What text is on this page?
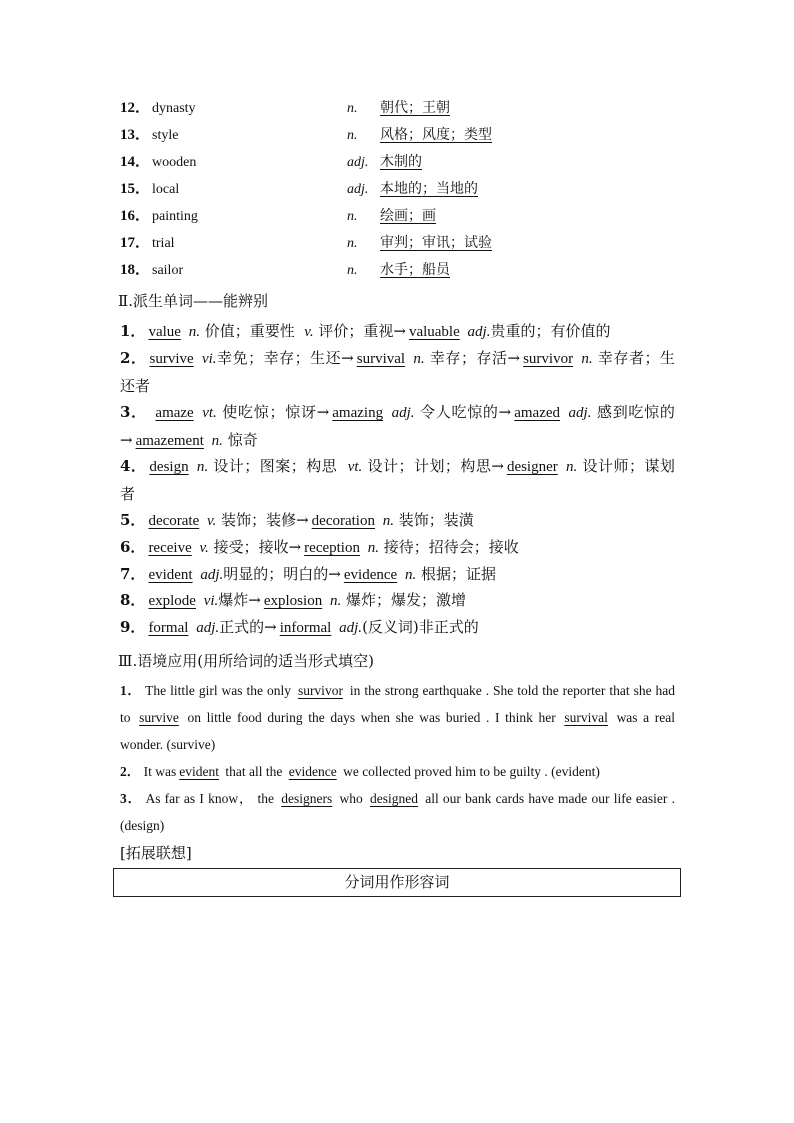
12． dynasty	n. 朝代；王朝
13． style	n. 风格；风度；类型
14． wooden	adj. 木制的
15． local	adj. 本地的；当地的
16． painting	n. 绘画；画
17． trial	n. 审判；审讯；试验
18． sailor	n. 水手；船员
Ⅱ.派生单词——能辨别
1． value n. 价值；重要性 v. 评价；重视→ valuable adj.贵重的；有价值的
2． survive vi.幸免；幸存；生还→ survival n. 幸存；存活→ survivor n. 幸存者；生还者
3． amaze vt. 使吃惊；惊讶→ amazing adj. 令人吃惊的→ amazed adj. 感到吃惊的→ amazement n. 惊奇
4． design n. 设计；图案；构思 vt. 设计；计划；构思→ designer n. 设计师；谋划者
5． decorate v. 装饰；装修→ decoration n. 装饰；装潢
6． receive v. 接受；接收→ reception n. 接待；招待会；接收
7． evident adj.明显的；明白的→ evidence n. 根据；证据
8． explode vi.爆炸→ explosion n. 爆炸；爆发；激增
9． formal adj.正式的→ informal adj.(反义词)非正式的
Ⅲ.语境应用(用所给词的适当形式填空)
1． The little girl was the only survivor in the strong earthquake . She told the reporter that she had to survive on little food during the days when she was buried . I think her survival was a real wonder. (survive)
2． It was evident that all the evidence we collected proved him to be guilty . (evident)
3． As far as I know， the designers who designed all our bank cards have made our life easier . (design)
[拓展联想]
分词用作形容词
